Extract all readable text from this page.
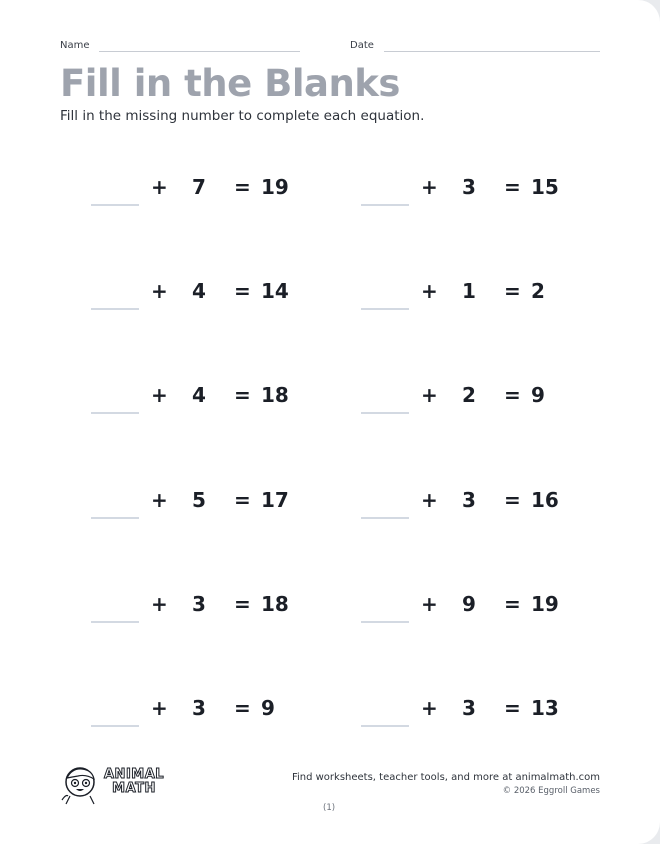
Name	Date
Fill in the Blanks
Fill in the missing number to complete each equation.
+ 7 = 19
+ 4 = 14
+ 4 = 18
+ 5 = 17
+ 3 = 18
+ 3 = 9
+ 3 = 15
+ 1 = 2
+ 2 = 9
+ 3 = 16
+ 9 = 19
+ 3 = 13
ANIMAL
MATH
Find worksheets, teacher tools, and more at animalmath.com
© 2026 Eggroll Games
(1)
